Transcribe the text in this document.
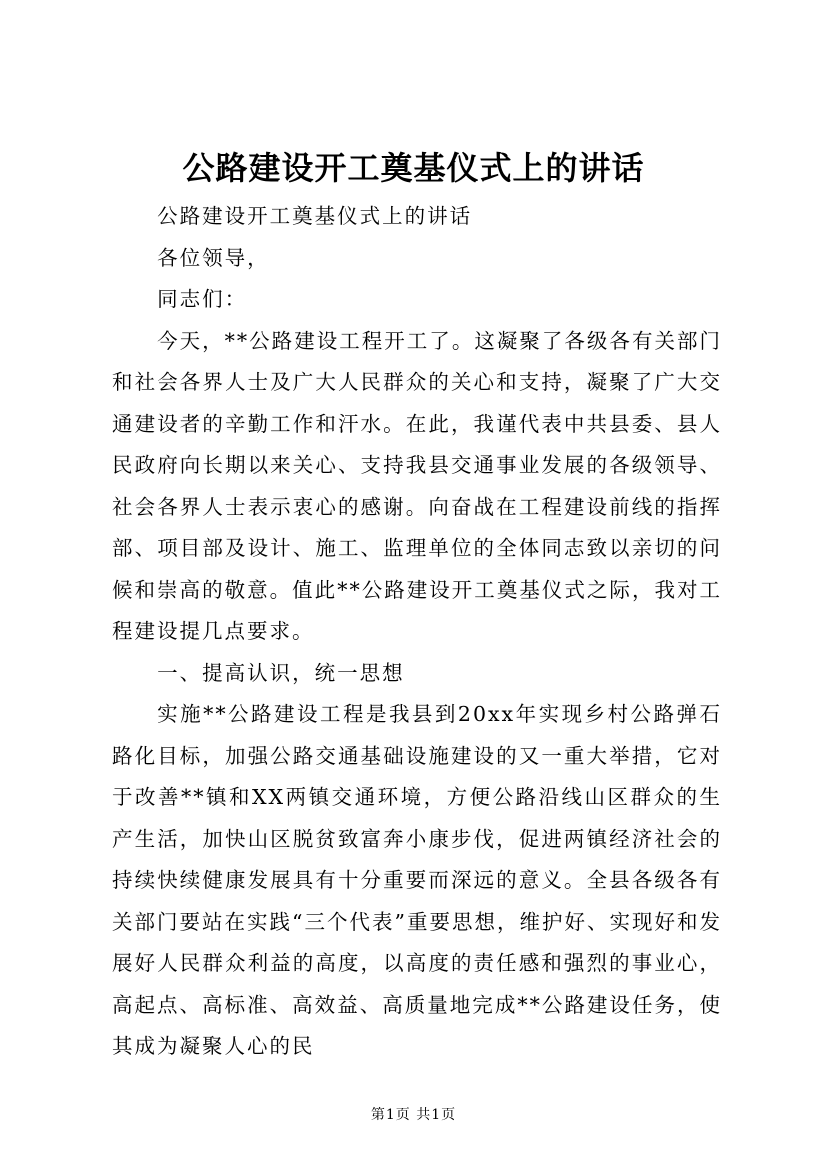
公路建设开工奠基仪式上的讲话

公路建设开工奠基仪式上的讲话

各位领导，

同志们：

今天，**公路建设工程开工了。这凝聚了各级各有关部门和社会各界人士及广大人民群众的关心和支持，凝聚了广大交通建设者的辛勤工作和汗水。在此，我谨代表中共县委、县人民政府向长期以来关心、支持我县交通事业发展的各级领导、社会各界人士表示衷心的感谢。向奋战在工程建设前线的指挥部、项目部及设计、施工、监理单位的全体同志致以亲切的问候和崇高的敬意。值此**公路建设开工奠基仪式之际，我对工程建设提几点要求。

一、提高认识，统一思想

实施**公路建设工程是我县到20xx年实现乡村公路弹石路化目标，加强公路交通基础设施建设的又一重大举措，它对于改善**镇和XX两镇交通环境，方便公路沿线山区群众的生产生活，加快山区脱贫致富奔小康步伐，促进两镇经济社会的持续快续健康发展具有十分重要而深远的意义。全县各级各有关部门要站在实践“三个代表”重要思想，维护好、实现好和发展好人民群众利益的高度，以高度的责任感和强烈的事业心，高起点、高标准、高效益、高质量地完成**公路建设任务，使其成为凝聚人心的民

第1页 共1页
